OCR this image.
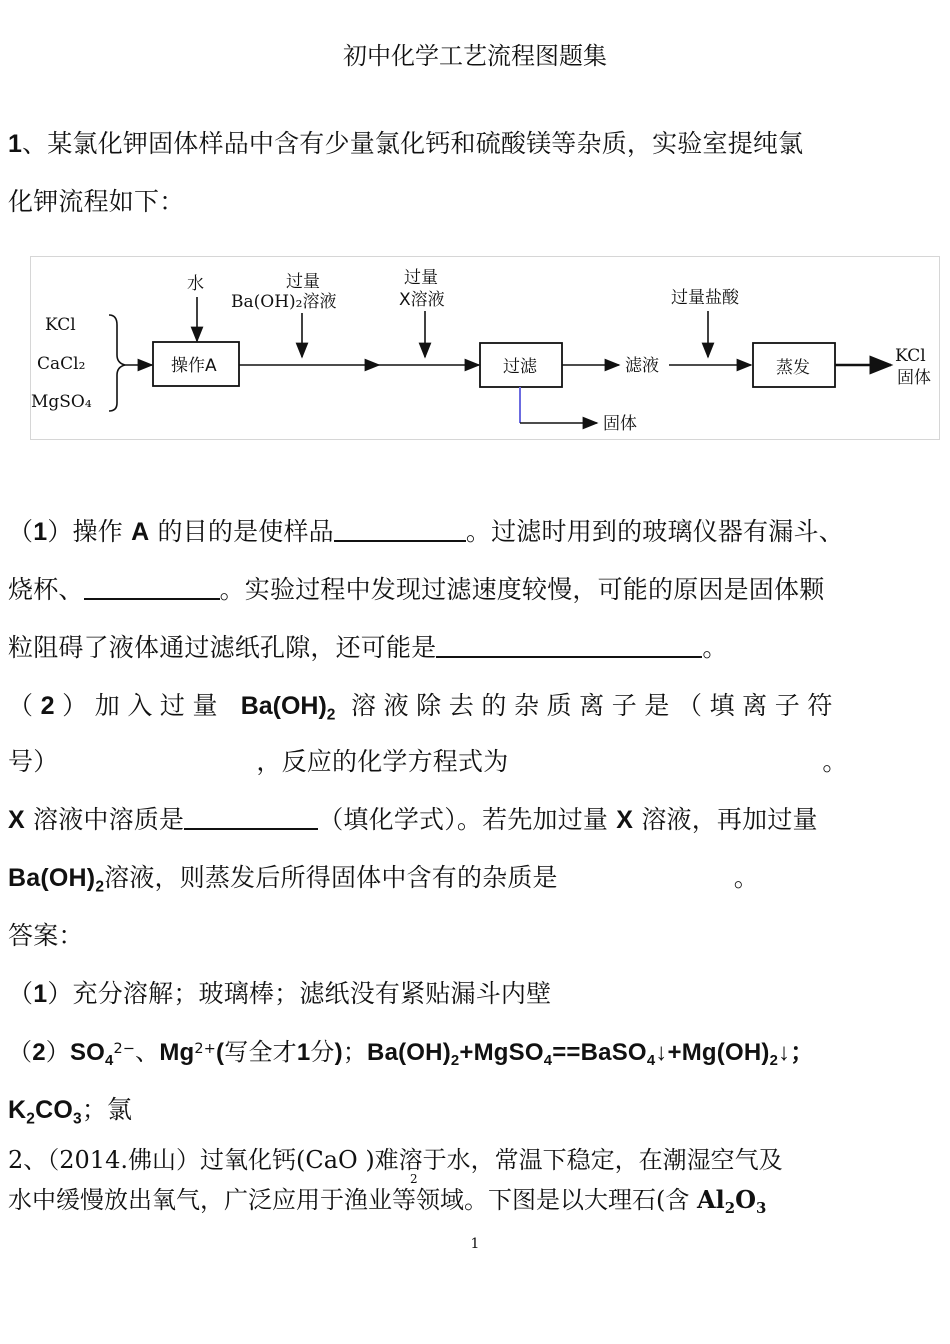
初中化学工艺流程图题集
1、某氯化钾固体样品中含有少量氯化钙和硫酸镁等杂质，实验室提纯氯
化钾流程如下：
KCl
CaCl₂
MgSO₄
水
操作A
过量
Ba(OH)₂溶液
过量
X溶液
过滤
固体
滤液
过量盐酸
蒸发
KCl
固体
（1）操作 A 的目的是使样品	。过滤时用到的玻璃仪器有漏斗、
烧杯、	。实验过程中发现过滤速度较慢，可能的原因是固体颗
粒阻碍了液体通过滤纸孔隙，还可能是	。
（2）加入过量 $Ba(OH)_2$ 溶液除去的杂质离子是（填离子符
号）	，反应的化学方程式为	。
X 溶液中溶质是	（填化学式）。若先加过量 X 溶液，再加过量
$Ba(OH)_2$溶液，则蒸发后所得固体中含有的杂质是	。
答案：
（1）充分溶解；玻璃棒；滤纸没有紧贴漏斗内壁
$(2)SO_4^{2-}$、$Mg^{2+}$(写全才1分)；$Ba(OH)_2+MgSO_4==BaSO_4↓+Mg(OH)_2↓$；
$K_2CO_3$；氯
2、（2014.佛山）过氧化钙(CaO )难溶于水，常温下稳定，在潮湿空气及
2
水中缓慢放出氧气，广泛应用于渔业等领域。下图是以大理石(含 $Al_2O_3$
1
